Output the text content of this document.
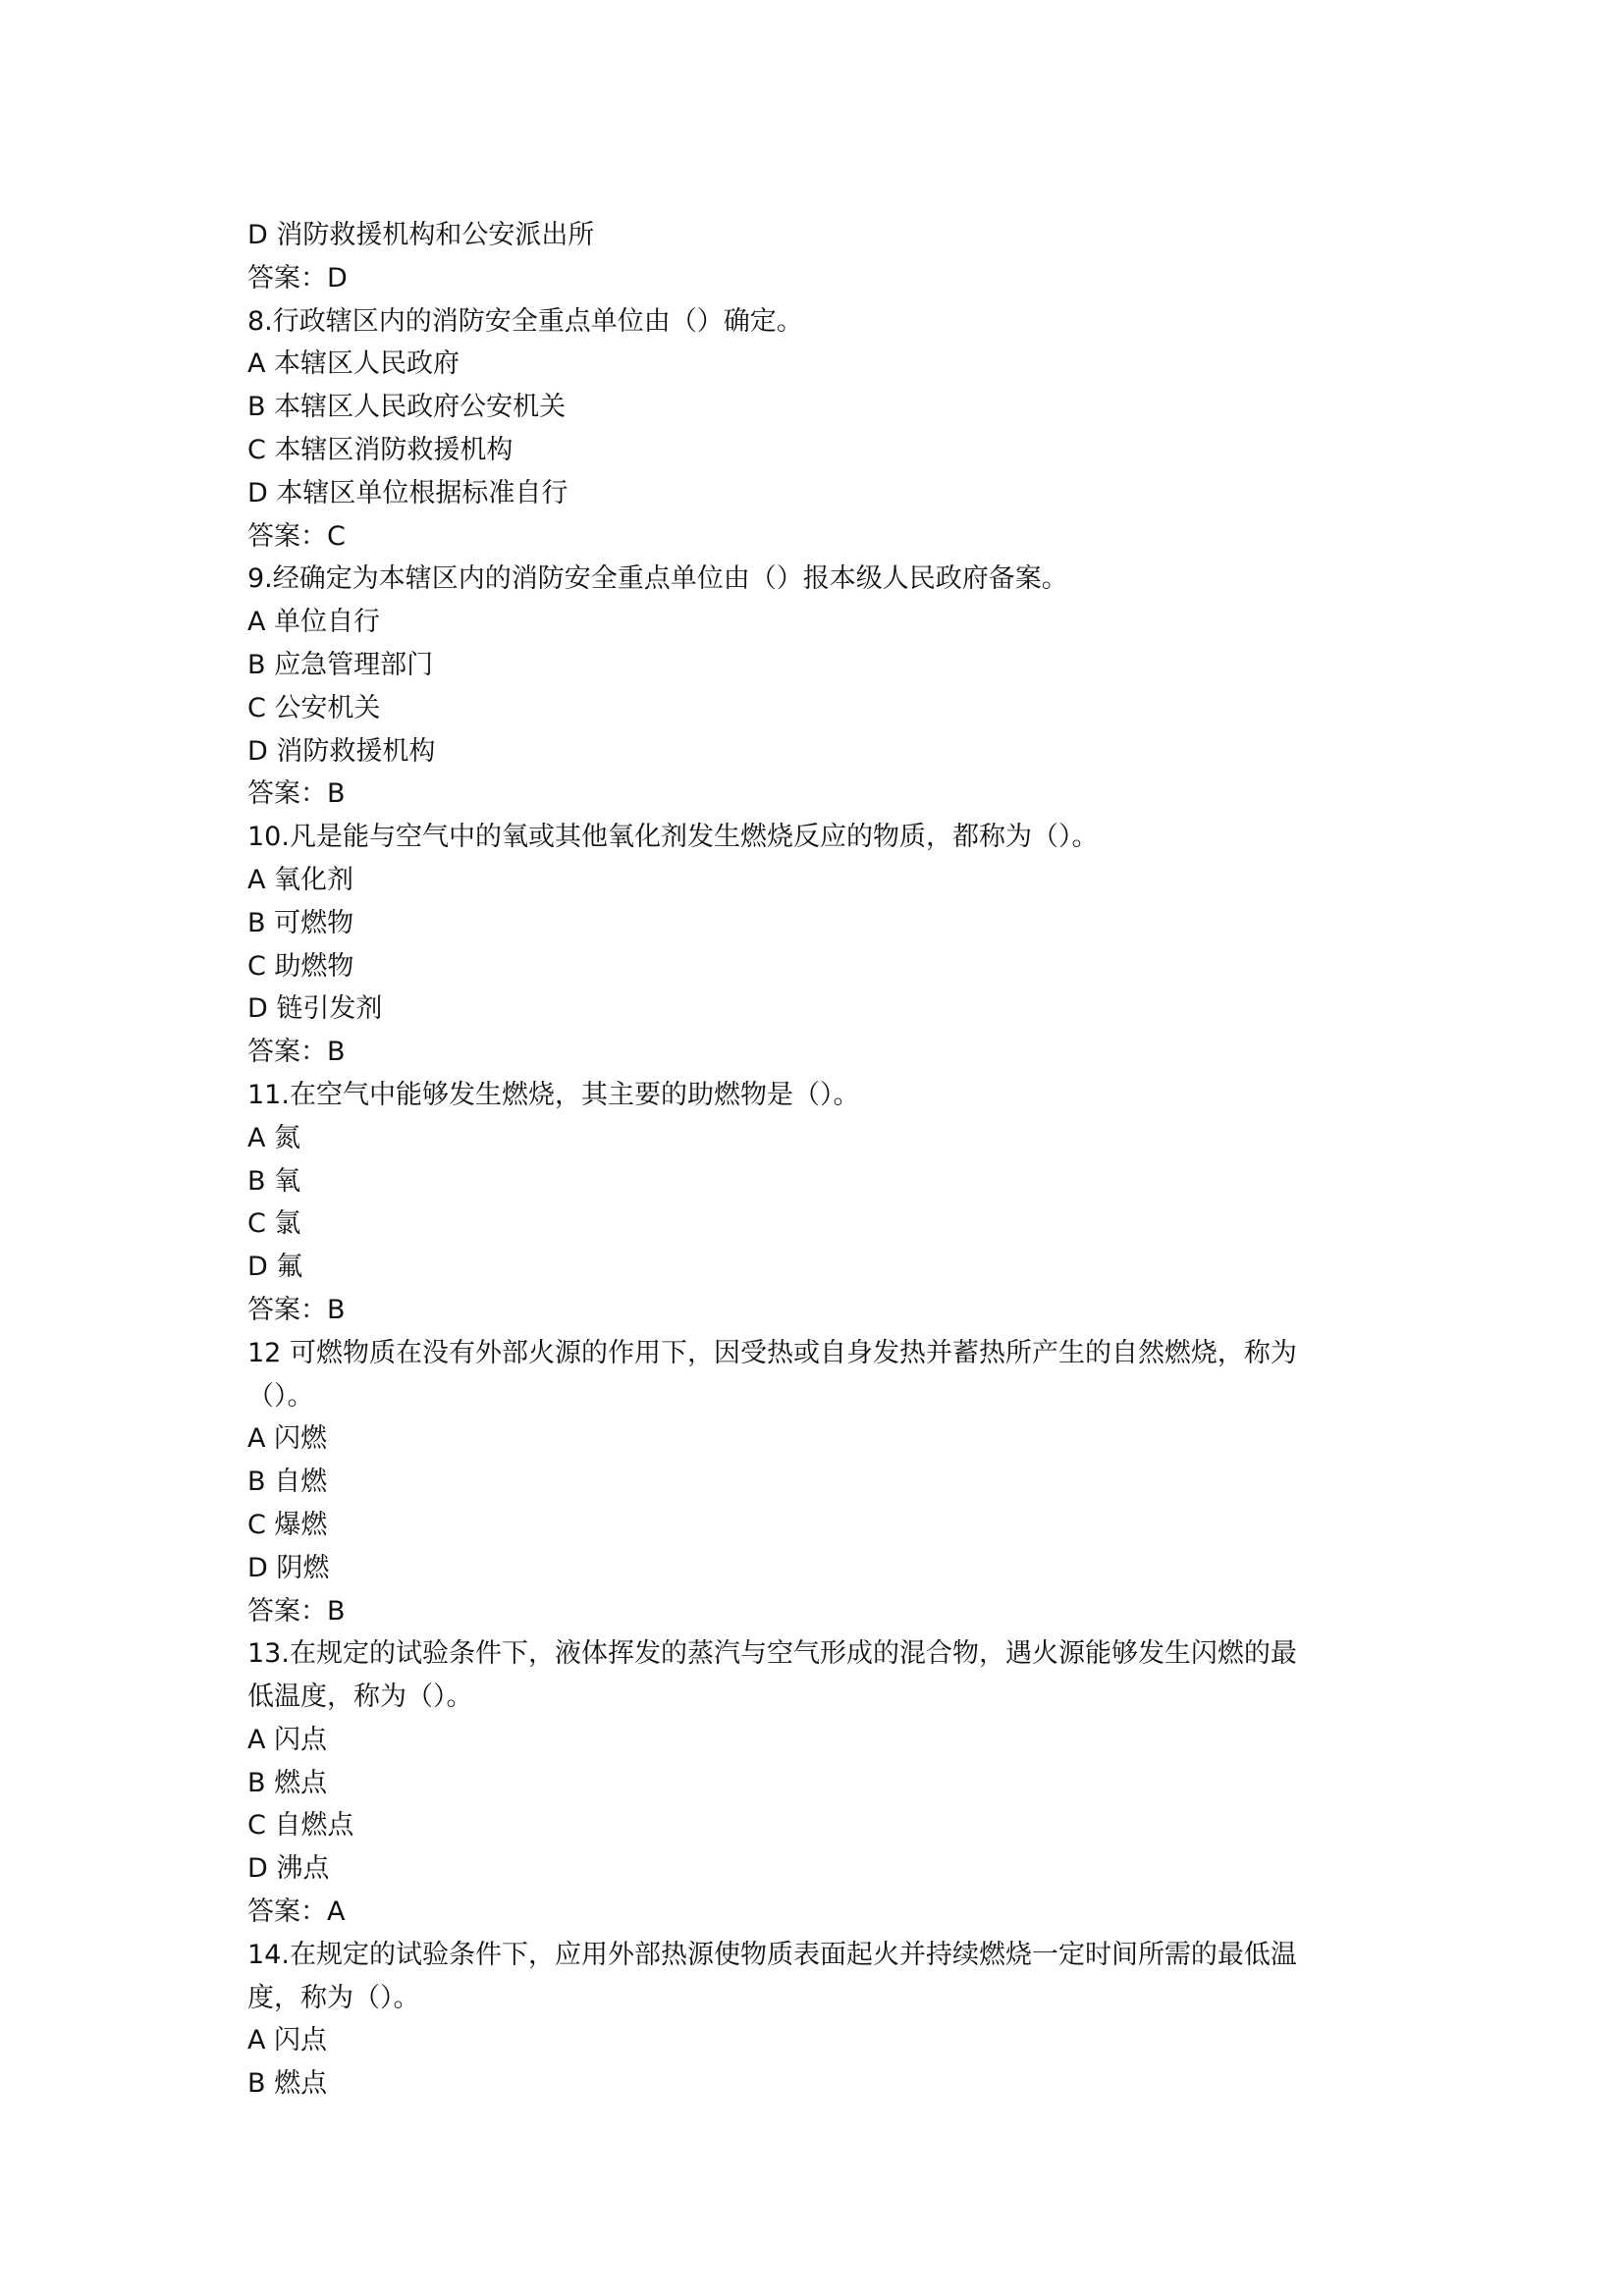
D 消防救援机构和公安派出所
答案：D
8.行政辖区内的消防安全重点单位由（）确定。
A 本辖区人民政府
B 本辖区人民政府公安机关
C 本辖区消防救援机构
D 本辖区单位根据标准自行
答案：C
9.经确定为本辖区内的消防安全重点单位由（）报本级人民政府备案。
A 单位自行
B 应急管理部门
C 公安机关
D 消防救援机构
答案：B
10.凡是能与空气中的氧或其他氧化剂发生燃烧反应的物质，都称为（）。
A 氧化剂
B 可燃物
C 助燃物
D 链引发剂
答案：B
11.在空气中能够发生燃烧，其主要的助燃物是（）。
A 氮
B 氧
C 氯
D 氟
答案：B
12 可燃物质在没有外部火源的作用下，因受热或自身发热并蓄热所产生的自然燃烧，称为
（）。
A 闪燃
B 自燃
C 爆燃
D 阴燃
答案：B
13.在规定的试验条件下，液体挥发的蒸汽与空气形成的混合物，遇火源能够发生闪燃的最
低温度，称为（）。
A 闪点
B 燃点
C 自燃点
D 沸点
答案：A
14.在规定的试验条件下，应用外部热源使物质表面起火并持续燃烧一定时间所需的最低温
度，称为（）。
A 闪点
B 燃点
